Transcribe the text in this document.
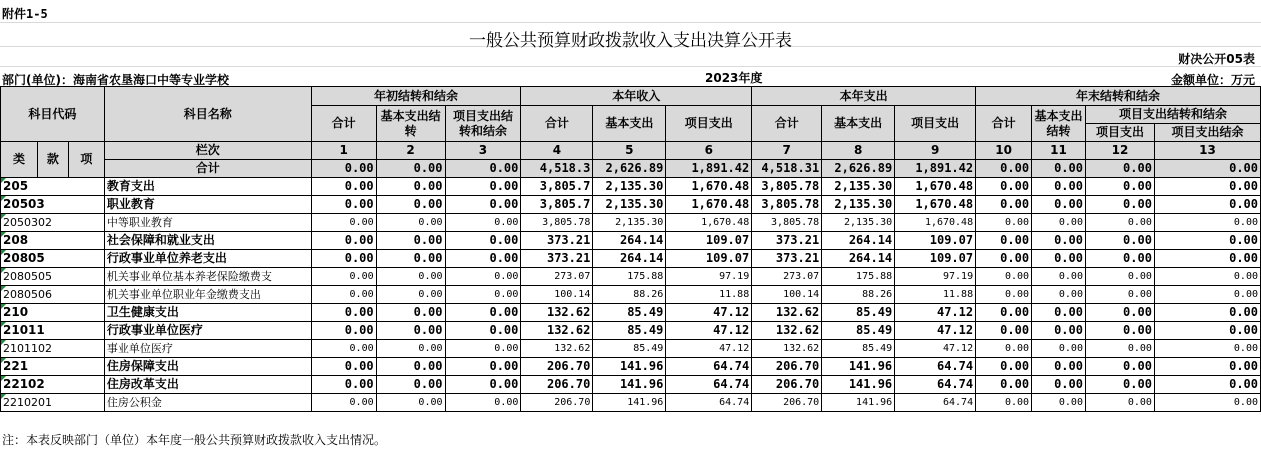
附件1-5
一般公共预算财政拨款收入支出决算公开表
财决公开05表
部门(单位)：海南省农垦海口中等专业学校	2023年度	金额单位：万元
科目代码			科目名称	年初结转和结余			本年收入			本年支出			年末结转和结余			
				合计	基本支出结转	项目支出结转和结余	合计	基本支出	项目支出	合计	基本支出	项目支出	合计	基本支出结转	项目支出结转和结余	
															项目支出	项目支出结余
类	款	项	栏次	1	2	3	4	5	6	7	8	9	10	11	12	13
			合计	0.00	0.00	0.00	4,518.3	2,626.89	1,891.42	4,518.31	2,626.89	1,891.42	0.00	0.00	0.00	0.00
205			教育支出	0.00	0.00	0.00	3,805.7	2,135.30	1,670.48	3,805.78	2,135.30	1,670.48	0.00	0.00	0.00	0.00
20503			职业教育	0.00	0.00	0.00	3,805.7	2,135.30	1,670.48	3,805.78	2,135.30	1,670.48	0.00	0.00	0.00	0.00
2050302			中等职业教育	0.00	0.00	0.00	3,805.78	2,135.30	1,670.48	3,805.78	2,135.30	1,670.48	0.00	0.00	0.00	0.00
208			社会保障和就业支出	0.00	0.00	0.00	373.21	264.14	109.07	373.21	264.14	109.07	0.00	0.00	0.00	0.00
20805			行政事业单位养老支出	0.00	0.00	0.00	373.21	264.14	109.07	373.21	264.14	109.07	0.00	0.00	0.00	0.00
2080505			机关事业单位基本养老保险缴费支	0.00	0.00	0.00	273.07	175.88	97.19	273.07	175.88	97.19	0.00	0.00	0.00	0.00
2080506			机关事业单位职业年金缴费支出	0.00	0.00	0.00	100.14	88.26	11.88	100.14	88.26	11.88	0.00	0.00	0.00	0.00
210			卫生健康支出	0.00	0.00	0.00	132.62	85.49	47.12	132.62	85.49	47.12	0.00	0.00	0.00	0.00
21011			行政事业单位医疗	0.00	0.00	0.00	132.62	85.49	47.12	132.62	85.49	47.12	0.00	0.00	0.00	0.00
2101102			事业单位医疗	0.00	0.00	0.00	132.62	85.49	47.12	132.62	85.49	47.12	0.00	0.00	0.00	0.00
221			住房保障支出	0.00	0.00	0.00	206.70	141.96	64.74	206.70	141.96	64.74	0.00	0.00	0.00	0.00
22102			住房改革支出	0.00	0.00	0.00	206.70	141.96	64.74	206.70	141.96	64.74	0.00	0.00	0.00	0.00
2210201			住房公积金	0.00	0.00	0.00	206.70	141.96	64.74	206.70	141.96	64.74	0.00	0.00	0.00	0.00
注：本表反映部门（单位）本年度一般公共预算财政拨款收入支出情况。
